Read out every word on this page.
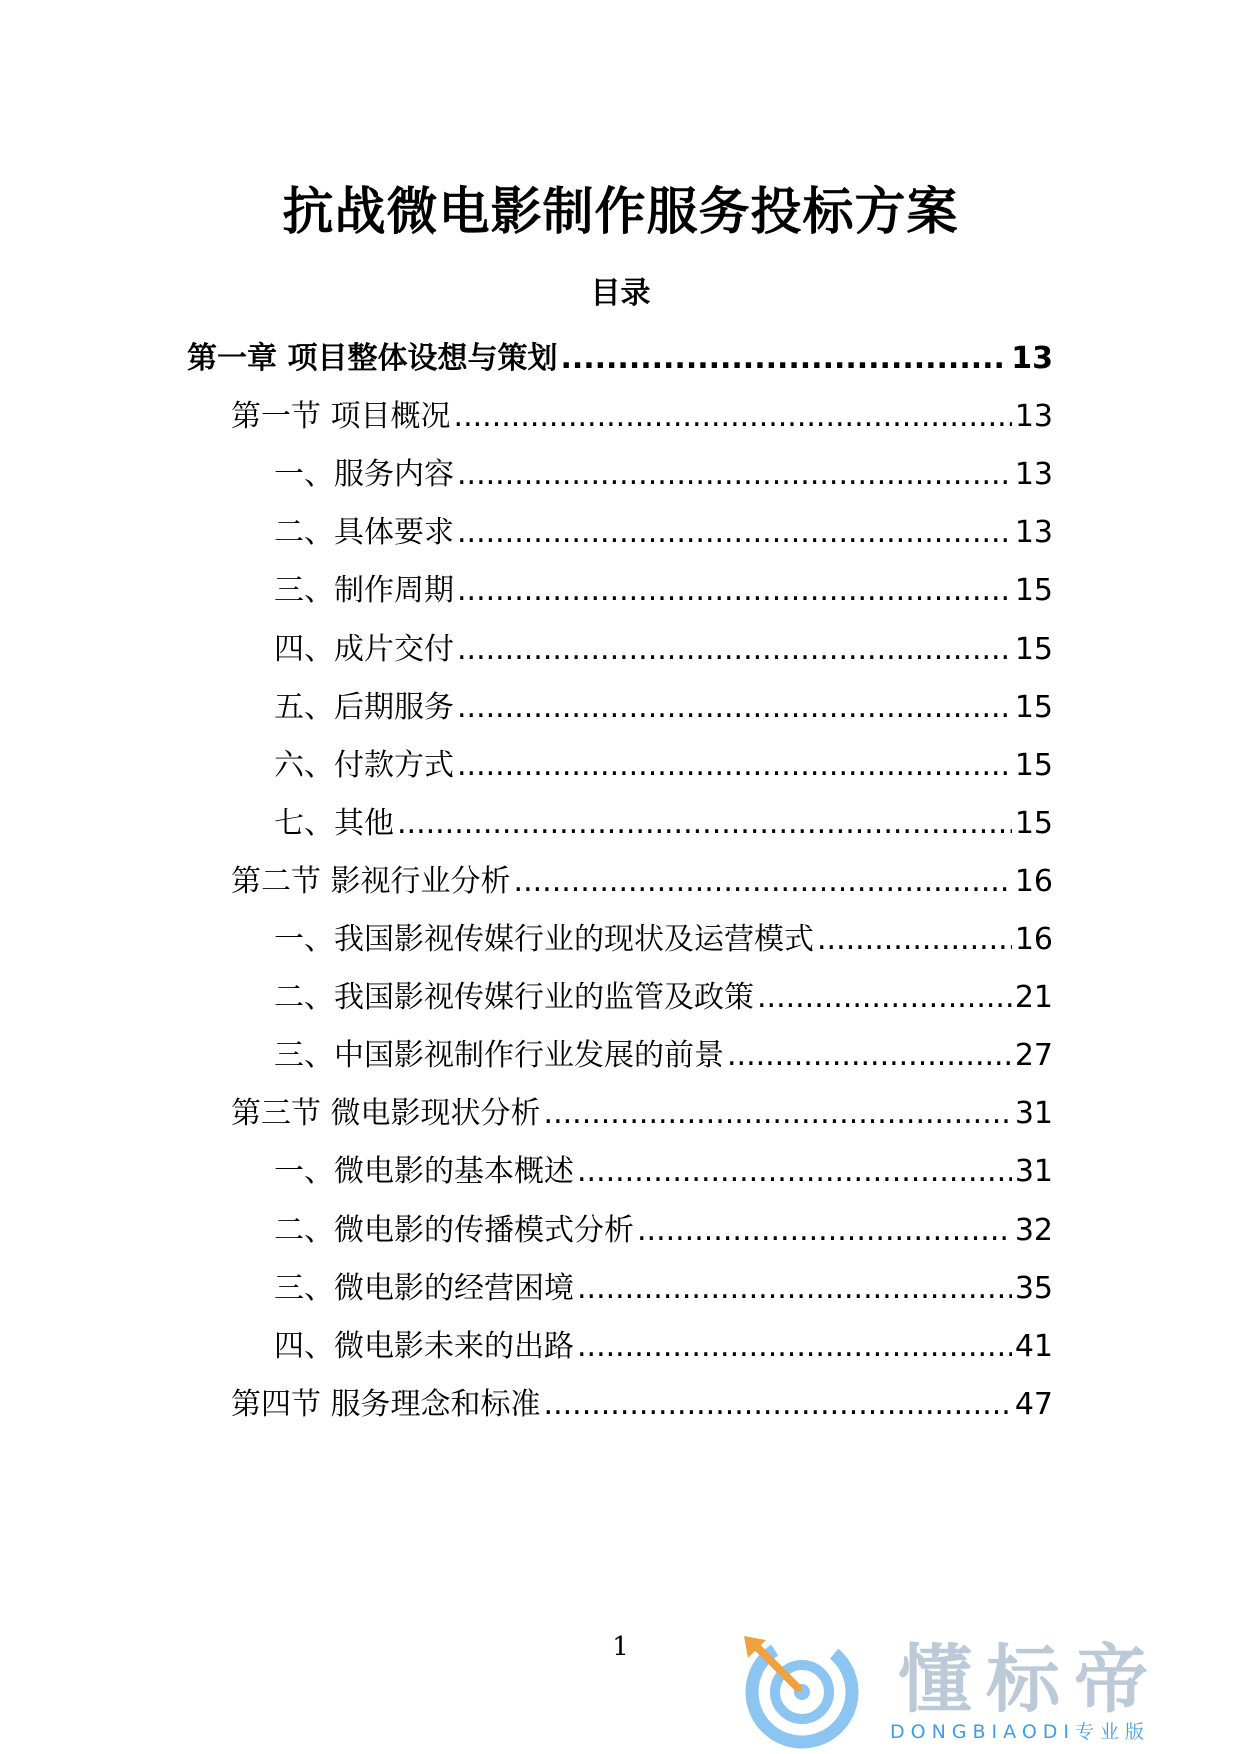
抗战微电影制作服务投标方案
目录
第一章 项目整体设想与策划 .....	13
第一节 项目概况 .....	13
一、服务内容 .....	13
二、具体要求 .....	13
三、制作周期 .....	15
四、成片交付 .....	15
五、后期服务 .....	15
六、付款方式 .....	15
七、其他 .....	15
第二节 影视行业分析 .....	16
一、我国影视传媒行业的现状及运营模式 .....	16
二、我国影视传媒行业的监管及政策 .....	21
三、中国影视制作行业发展的前景 .....	27
第三节 微电影现状分析 .....	31
一、微电影的基本概述 .....	31
二、微电影的传播模式分析 .....	32
三、微电影的经营困境 .....	35
四、微电影未来的出路 .....	41
第四节 服务理念和标准 .....	47
1	懂标帝
DONGBIAODI专业版
